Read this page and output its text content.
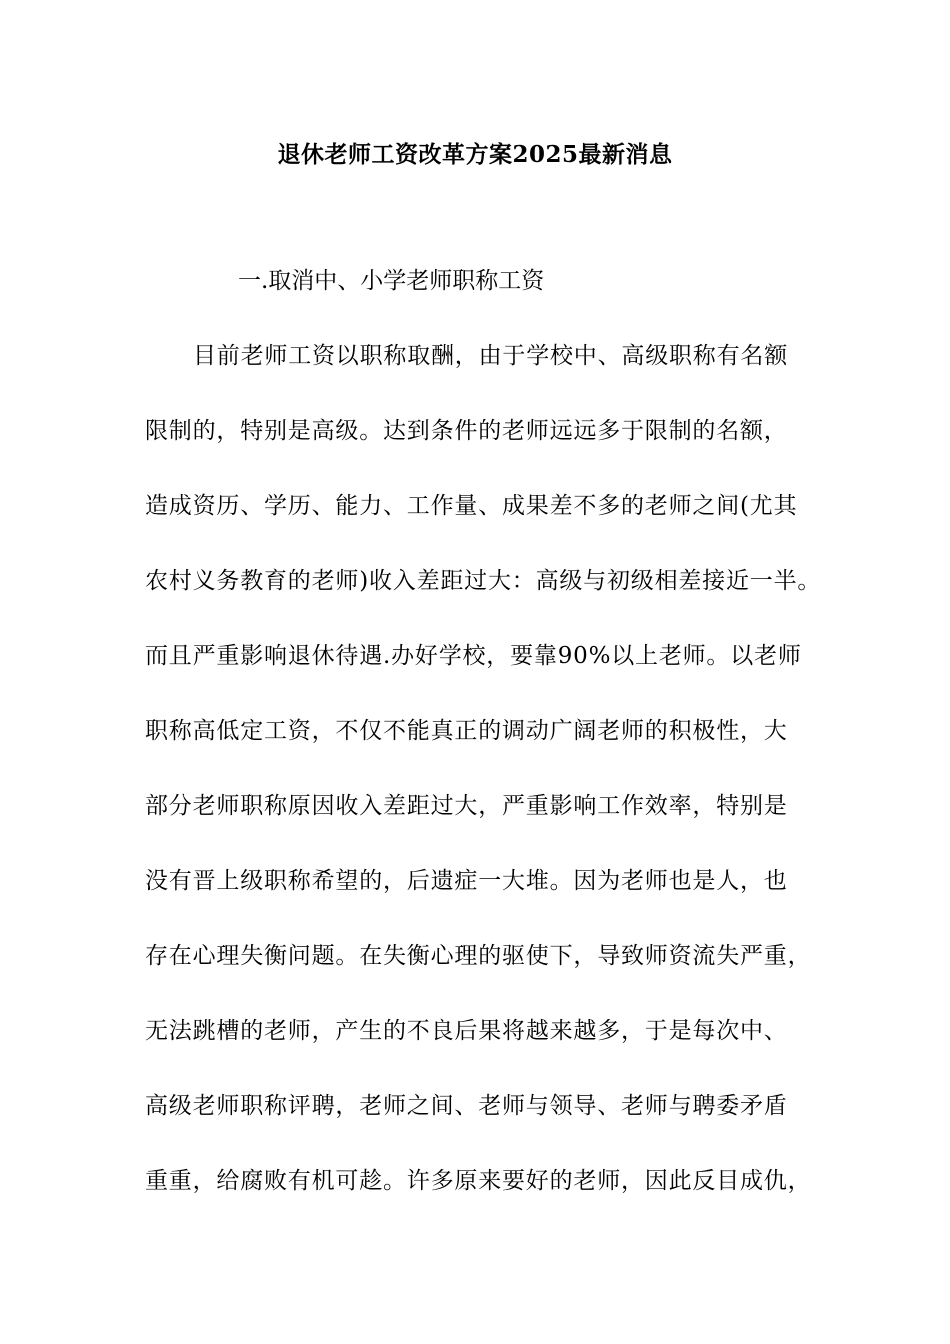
退休老师工资改革方案2025最新消息
一.取消中、小学老师职称工资
目前老师工资以职称取酬，由于学校中、高级职称有名额
限制的，特别是高级。达到条件的老师远远多于限制的名额，
造成资历、学历、能力、工作量、成果差不多的老师之间(尤其
农村义务教育的老师)收入差距过大：高级与初级相差接近一半。
而且严重影响退休待遇.办好学校，要靠90%以上老师。以老师
职称高低定工资，不仅不能真正的调动广阔老师的积极性，大
部分老师职称原因收入差距过大，严重影响工作效率，特别是
没有晋上级职称希望的，后遗症一大堆。因为老师也是人，也
存在心理失衡问题。在失衡心理的驱使下，导致师资流失严重，
无法跳槽的老师，产生的不良后果将越来越多，于是每次中、
高级老师职称评聘，老师之间、老师与领导、老师与聘委矛盾
重重，给腐败有机可趁。许多原来要好的老师，因此反目成仇，
